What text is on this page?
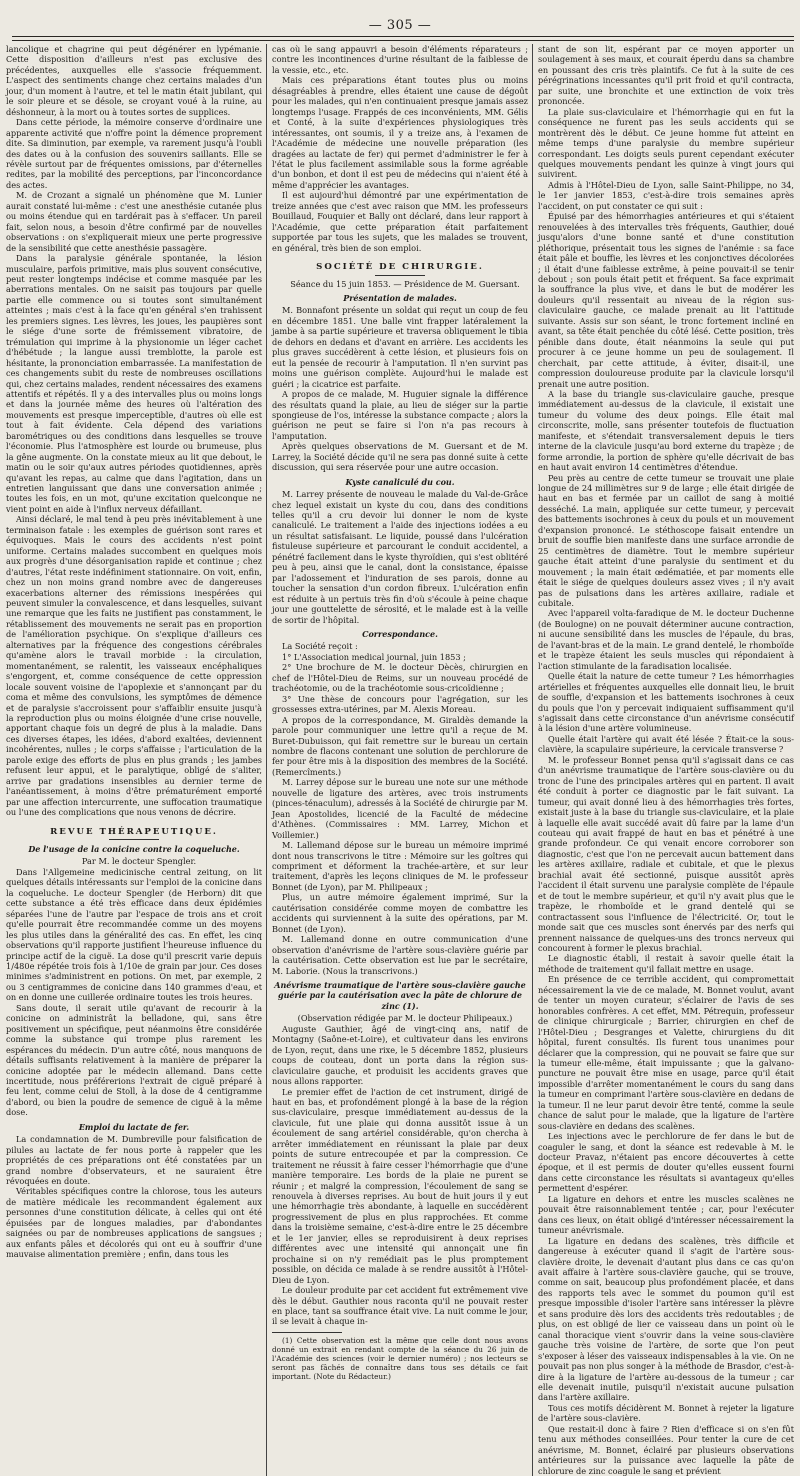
— 305 —

lancolique et chagrine qui peut dégénérer en lypémanie. Cette disposition d'ailleurs n'est pas exclusive des précédentes, auxquelles elle s'associe fréquemment. L'aspect des sentiments change chez certains malades d'un jour, d'un moment à l'autre, et tel le matin était jubilant, qui le soir pleure et se désole, se croyant voué à la ruine, au déshonneur, à la mort ou à toutes sortes de supplices.

Dans cette période, la mémoire conserve d'ordinaire une apparente activité que n'offre point la démence proprement dite. Sa diminution, par exemple, va rarement jusqu'à l'oubli des dates ou à la confusion des souvenirs saillants. Elle se révèle surtout par de fréquentes omissions, par d'éternelles redites, par la mobilité des perceptions, par l'inconcordance des actes.

M. de Crozant a signalé un phénomène que M. Lunier aurait constaté lui-même : c'est une anesthésie cutanée plus ou moins étendue qui en tardérait pas à s'effacer. Un pareil fait, selon nous, a besoin d'être confirmé par de nouvelles observations : on s'expliquerait mieux une perte progressive de la sensibilité que cette anesthésie passagère.

Dans la paralysie générale spontanée, la lésion musculaire, parfois primitive, mais plus souvent consécutive, peut rester longtemps indécise et comme masquée par les aberrations mentales. On ne saisit pas toujours par quelle partie elle commence ou si toutes sont simultanément atteintes ; mais c'est à la face qu'en général s'en trahissent les premiers signes. Les lèvres, les joues, les paupières sont le siége d'une sorte de frémissement vibratoire, de trémulation qui imprime à la physionomie un léger cachet d'hébétude ; la langue aussi tremblotte, la parole est hésitante, la prononciation embarrassée. La manifestation de ces changements subit du reste de nombreuses oscillations qui, chez certains malades, rendent nécessaires des examens attentifs et répétés. Il y a des intervalles plus ou moins longs et dans la journée même des heures où l'altération des mouvements est presque imperceptible, d'autres où elle est tout à fait évidente. Cela dépend des variations barométriques ou des conditions dans lesquelles se trouve l'économie. Plus l'atmosphère est lourde ou brumeuse, plus la gêne augmente. On la constate mieux au lit que debout, le matin ou le soir qu'aux autres périodes quotidiennes, après qu'avant les repas, au calme que dans l'agitation, dans un entretien languissant que dans une conversation animée ; toutes les fois, en un mot, qu'une excitation quelconque ne vient point en aide à l'influx nerveux défaillant.

Ainsi déclaré, le mal tend à peu près inévitablement à une terminaison fatale : les exemples de guérison sont rares et équivoques. Mais le cours des accidents n'est point uniforme. Certains malades succombent en quelques mois aux progrès d'une désorganisation rapide et continue ; chez d'autres, l'état reste indéfiniment stationnaire. On voit, enfin, chez un non moins grand nombre avec de dangereuses exacerbations alterner des rémissions inespérées qui peuvent simuler la convalescence, et dans lesquelles, suivant une remarque que les faits ne justifient pas constamment, le rétablissement des mouvements ne serait pas en proportion de l'amélioration psychique. On s'explique d'ailleurs ces alternatives par la fréquence des congestions cérébrales qu'amène alors le travail morbide : la circulation, momentanément, se ralentit, les vaisseaux encéphaliques s'engorgent, et, comme conséquence de cette oppression locale souvent voisine de l'apoplexie et s'annonçant par du coma et même des convulsions, les symptômes de démence et de paralysie s'accroissent pour s'affaiblir ensuite jusqu'à la reproduction plus ou moins éloignée d'une crise nouvelle, apportant chaque fois un degré de plus à la maladie. Dans ces diverses étapes, les idées, d'abord exaltées, deviennent incohérentes, nulles ; le corps s'affaisse ; l'articulation de la parole exige des efforts de plus en plus grands ; les jambes refusent leur appui, et le paralytique, obligé de s'aliter, arrive par gradations insensibles au dernier terme de l'anéantissement, à moins d'être prématurément emporté par une affection intercurrente, une suffocation traumatique ou l'une des complications que nous venons de décrire.

REVUE THÉRAPEUTIQUE.
De l'usage de la conicine contre la coqueluche.

Par M. le docteur Spengler.

Dans l'Allgemeine medicinische central zeitung, on lit quelques détails intéressants sur l'emploi de la conicine dans la coqueluche. Le docteur Spengler (de Herborn) dit que cette substance a été très efficace dans deux épidémies séparées l'une de l'autre par l'espace de trois ans et croit qu'elle pourrait être recommandée comme un des moyens les plus utiles dans la généralité des cas. En effet, les cinq observations qu'il rapporte justifient l'heureuse influence du principe actif de la ciguë. La dose qu'il prescrit varie depuis 1/480e répétée trois fois à 1/10e de grain par jour. Ces doses minimes s'administrent en potions. On met, par exemple, 2 ou 3 centigrammes de conicine dans 140 grammes d'eau, et on en donne une cuillerée ordinaire toutes les trois heures.

Sans doute, il serait utile qu'avant de recourir à la conicine on administrât la belladone, qui, sans être positivement un spécifique, peut néanmoins être considérée comme la substance qui trompe plus rarement les espérances du médecin. D'un autre côté, nous manquons de détails suffisants relativement à la manière de préparer la conicine adoptée par le médecin allemand. Dans cette incertitude, nous préférerions l'extrait de ciguë préparé à feu lent, comme celui de Stoll, à la dose de 4 centigramme d'abord, ou bien la poudre de semence de ciguë à la même dose.

Emploi du lactate de fer.

La condamnation de M. Dumbreville pour falsification de pilules au lactate de fer nous porte à rappeler que les propriétés de ces préparations ont été constatées par un grand nombre d'observateurs, et ne sauraient être révoquées en doute.

Véritables spécifiques contre la chlorose, tous les auteurs de matière médicale les recommandent également aux personnes d'une constitution délicate, à celles qui ont été épuisées par de longues maladies, par d'abondantes saignées ou par de nombreuses applications de sangsues ; aux enfants pâles et décolorés qui ont eu à souffrir d'une mauvaise alimentation première ; enfin, dans tous les

cas où le sang appauvri a besoin d'éléments réparateurs ; contre les incontinences d'urine résultant de la faiblesse de la vessie, etc., etc.

Mais ces préparations étant toutes plus ou moins désagréables à prendre, elles étaient une cause de dégoût pour les malades, qui n'en continuaient presque jamais assez longtemps l'usage. Frappés de ces inconvénients, MM. Gélis et Conté, à la suite d'expériences physiologiques très intéressantes, ont soumis, il y a treize ans, à l'examen de l'Académie de médecine une nouvelle préparation (les dragées au lactate de fer) qui permet d'administrer le fer à l'état le plus facilement assimilable sous la forme agréable d'un bonbon, et dont il est peu de médecins qui n'aient été à même d'apprécier les avantages.

Il est aujourd'hui démontré par une expérimentation de treize années que c'est avec raison que MM. les professeurs Bouillaud, Fouquier et Bally ont déclaré, dans leur rapport à l'Académie, que cette préparation était parfaitement supportée par tous les sujets, que les malades se trouvent, en général, très bien de son emploi.

SOCIÉTÉ DE CHIRURGIE.

Séance du 15 juin 1853. — Présidence de M. Guersant.

Présentation de malades.

M. Bonnafont présente un soldat qui reçut un coup de feu en décembre 1851. Une balle vint frapper latéralement la jambe à sa partie supérieure et traversa obliquement le tibia de dehors en dedans et d'avant en arrière. Les accidents les plus graves succédèrent à cette lésion, et plusieurs fois on eut la pensée de recourir à l'amputation. Il n'en survint pas moins une guérison complète. Aujourd'hui le malade est guéri ; la cicatrice est parfaite.

A propos de ce malade, M. Huguier signale la différence des résultats quand la plaie, au lieu de siéger sur la partie spongieuse de l'os, intéresse la substance compacte ; alors la guérison ne peut se faire si l'on n'a pas recours à l'amputation.

Après quelques observations de M. Guersant et de M. Larrey, la Société décide qu'il ne sera pas donné suite à cette discussion, qui sera réservée pour une autre occasion.

Kyste canaliculé du cou.

M. Larrey présente de nouveau le malade du Val-de-Grâce chez lequel existait un kyste du cou, dans des conditions telles qu'il a cru devoir lui donner le nom de kyste canaliculé. Le traitement a l'aide des injections iodées a eu un résultat satisfaisant. Le liquide, poussé dans l'ulcération fistuleuse supérieure et parcourant le conduit accidentel, a pénétré facilement dans le kyste thyroïdien, qui s'est oblitéré peu à peu, ainsi que le canal, dont la consistance, épaisse par l'adossement et l'induration de ses parois, donne au toucher la sensation d'un cordon fibreux. L'ulcération enfin est réduite à un pertuis très fin d'où s'écoule à peine chaque jour une gouttelette de sérosité, et le malade est à la veille de sortir de l'hôpital.

Correspondance.

La Société reçoit :

1° L'Association medical journal, juin 1853 ;

2° Une brochure de M. le docteur Dècès, chirurgien en chef de l'Hôtel-Dieu de Reims, sur un nouveau procédé de trachéotomie, ou de la trachéotomie sous-cricoïdienne ;

3° Une thèse de concours pour l'agrégation, sur les grossesses extra-utérines, par M. Alexis Moreau.

A propos de la correspondance, M. Giraldès demande la parole pour communiquer une lettre qu'il a reçue de M. Buret-Dubuisson, qui fait remettre sur le bureau un certain nombre de flacons contenant une solution de perchlorure de fer pour être mis à la disposition des membres de la Société. (Remercîments.)

M. Larrey dépose sur le bureau une note sur une méthode nouvelle de ligature des artères, avec trois instruments (pinces-ténaculum), adressés à la Société de chirurgie par M. Jean Apostolides, licencié de la Faculté de médecine d'Athènes. (Commissaires : MM. Larrey, Michon et Voillemier.)

M. Lallemand dépose sur le bureau un mémoire imprimé dont nous transcrivons le titre : Mémoire sur les goîtres qui compriment et déforment la trachée-artère, et sur leur traitement, d'après les leçons cliniques de M. le professeur Bonnet (de Lyon), par M. Philipeaux ;

Plus, un autre mémoire également imprimé, Sur la cautérisation considérée comme moyen de combattre les accidents qui surviennent à la suite des opérations, par M. Bonnet (de Lyon).

M. Lallemand donne en outre communication d'une observation d'anévrisme de l'artère sous-clavière guérie par la cautérisation. Cette observation est lue par le secrétaire, M. Laborie. (Nous la transcrivons.)

Anévrisme traumatique de l'artère sous-clavière gauche guérie par la cautérisation avec la pâte de chlorure de zinc (1).

(Observation rédigée par M. le docteur Philipeaux.)

Auguste Gauthier, âgé de vingt-cinq ans, natif de Montagny (Saône-et-Loire), et cultivateur dans les environs de Lyon, reçut, dans une rixe, le 5 décembre 1852, plusieurs coups de couteau, dont un porta dans la région sus-claviculaire gauche, et produisit les accidents graves que nous allons rapporter.

Le premier effet de l'action de cet instrument, dirigé de haut en bas, et profondément plongé à la base de la région sus-claviculaire, presque immédiatement au-dessus de la clavicule, fut une plaie qui donna aussitôt issue à un écoulement de sang artériel considérable, qu'on chercha à arrêter immédiatement en réunissant la plaie par deux points de suture entrecoupée et par la compression. Ce traitement ne réussit à faire cesser l'hémorrhagie que d'une manière temporaire. Les bords de la plaie ne purent se réunir ; et malgré la compression, l'écoulement de sang se renouvela à diverses reprises. Au bout de huit jours il y eut une hémorrhagie très abondante, à laquelle en succédèrent progressivement de plus en plus rapprochées. Et comme dans la troisième semaine, c'est-à-dire entre le 25 décembre et le 1er janvier, elles se reproduisirent à deux reprises différentes avec une intensité qui annonçait une fin prochaine si on n'y remédiait pas le plus promptement possible, on décida ce malade à se rendre aussitôt à l'Hôtel-Dieu de Lyon.

Le douleur produite par cet accident fut extrêmement vive dès le début. Gauthier nous raconta qu'il ne pouvait rester en place, tant sa souffrance était vive. La nuit comme le jour, il se levait à chaque in-

(1) Cette observation est la même que celle dont nous avons donné un extrait en rendant compte de la séance du 26 juin de l'Académie des sciences (voir le dernier numéro) ; nos lecteurs se seront pas fâchés de connaître dans tous ses détails ce fait important. (Note du Rédacteur.)

stant de son lit, espérant par ce moyen apporter un soulagement à ses maux, et courait éperdu dans sa chambre en poussant des cris très plaintifs. Ce fut à la suite de ces pérégrinations incessantes qu'il prit froid et qu'il contracta, par suite, une bronchite et une extinction de voix très prononcée.

La plaie sus-claviculaire et l'hémorrhagie qui en fut la conséquence ne furent pas les seuls accidents qui se montrèrent dès le début. Ce jeune homme fut atteint en même temps d'une paralysie du membre supérieur correspondant. Les doigts seuls purent cependant exécuter quelques mouvements pendant les quinze à vingt jours qui suivirent.

Admis à l'Hôtel-Dieu de Lyon, salle Saint-Philippe, no 34, le 1er janvier 1853, c'est-à-dire trois semaines après l'accident, on put constater ce qui suit :

Épuisé par des hémorrhagies antérieures et qui s'étaient renouvelées à des intervalles très fréquents, Gauthier, doué jusqu'alors d'une bonne santé et d'une constitution pléthorique, présentait tous les signes de l'anémie : sa face était pâle et bouffie, les lèvres et les conjonctives décolorées ; il était d'une faiblesse extrême, à peine pouvait-il se tenir debout ; son pouls était petit et fréquent. Sa face exprimait la souffrance la plus vive, et dans le but de modérer les douleurs qu'il ressentait au niveau de la région sus-claviculaire gauche, ce malade prenait au lit l'attitude suivante. Assis sur son séant, le tronc fortement incliné en avant, sa tête était penchée du côté lésé. Cette position, très pénible dans doute, était néanmoins la seule qui put procurer à ce jeune homme un peu de soulagement. Il cherchait, par cette attitude, à éviter, disait-il, une compression douloureuse produite par la clavicule lorsqu'il prenait une autre position.

A la base du triangle sus-claviculaire gauche, presque immédiatement au-dessus de la clavicule, il existait une tumeur du volume des deux poings. Elle était mal circonscrite, molle, sans présenter toutefois de fluctuation manifeste, et s'étendait transversalement depuis le tiers interne de la clavicule jusqu'au bord externe du trapèze ; de forme arrondie, la portion de sphère qu'elle décrivait de bas en haut avait environ 14 centimètres d'étendue.

Peu près au centre de cette tumeur se trouvait une plaie longue de 24 millimètres sur 9 de large ; elle était dirigée de haut en bas et fermée par un caillot de sang à moitié desséché. La main, appliquée sur cette tumeur, y percevait des battements isochrones à ceux du pouls et un mouvement d'expansion prononcé. Le stéthoscope faisait entendre un bruit de souffle bien manifeste dans une surface arrondie de 25 centimètres de diamètre. Tout le membre supérieur gauche était atteint d'une paralysie du sentiment et du mouvement ; la main était œdématiée, et par moments elle était le siége de quelques douleurs assez vives ; il n'y avait pas de pulsations dans les artères axillaire, radiale et cubitale.

Avec l'appareil volta-faradique de M. le docteur Duchenne (de Boulogne) on ne pouvait déterminer aucune contraction, ni aucune sensibilité dans les muscles de l'épaule, du bras, de l'avant-bras et de la main. Le grand dentelé, le rhomboïde et le trapèze étaient les seuls muscles qui répondaient à l'action stimulante de la faradisation localisée.

Quelle était la nature de cette tumeur ? Les hémorrhagies artérielles et fréquentes auxquelles elle donnait lieu, le bruit de souffle, d'expansion et les battements isochrones à ceux du pouls que l'on y percevait indiquaient suffisamment qu'il s'agissait dans cette circonstance d'un anévrisme consécutif à la lésion d'une artère volumineuse.

Quelle était l'artère qui avait été lésée ? Était-ce la sous-clavière, la scapulaire supérieure, la cervicale transverse ?

M. le professeur Bonnet pensa qu'il s'agissait dans ce cas d'un anévrisme traumatique de l'artère sous-clavière ou du tronc de l'une des principales artères qui en partent. Il avait été conduit à porter ce diagnostic par le fait suivant. La tumeur, qui avait donné lieu à des hémorrhagies très fortes, existait juste à la base du triangle sus-claviculaire, et la plaie à laquelle elle avait succédé avait dû faire par la lame d'un couteau qui avait frappé de haut en bas et pénétré à une grande profondeur. Ce qui venait encore corroborer son diagnostic, c'est que l'on ne percevait aucun battement dans les artères axillaire, radiale et cubitale, et que le plexus brachial avait été sectionné, puisque aussitôt après l'accident il était survenu une paralysie complète de l'épaule et de tout le membre supérieur, et qu'il n'y avait plus que le trapèze, le rhomboïde et le grand dentelé qui se contractassent sous l'influence de l'électricité. Or, tout le monde sait que ces muscles sont énervés par des nerfs qui prennent naissance de quelques-uns des troncs nerveux qui concourent à former le plexus brachial.

Le diagnostic établi, il restait à savoir quelle était la méthode de traitement qu'il fallait mettre en usage.

En présence de ce terrible accident, qui compromettait nécessairement la vie de ce malade, M. Bonnet voulut, avant de tenter un moyen curateur, s'éclairer de l'avis de ses honorables confrères. A cet effet, MM. Pétrequin, professeur de clinique chirurgicale ; Barrier, chirurgien en chef de l'Hôtel-Dieu ; Desgranges et Valette, chirurgiens du dit hôpital, furent consultés. Ils furent tous unanimes pour déclarer que la compression, qui ne pouvait se faire que sur la tumeur elle-même, était impuissante ; que la galvano-puncture ne pouvait être mise en usage, parce qu'il était impossible d'arrêter momentanément le cours du sang dans la tumeur en comprimant l'artère sous-clavière en dedans de la tumeur. Il ne leur parut devoir être tenté, comme la seule chance de salut pour le malade, que la ligature de l'artère sous-clavière en dedans des scalènes.

Les injections avec le perchlorure de fer dans le but de coaguler le sang, et dont la séance est redevable à M. le docteur Pravaz, n'étaient pas encore découvertes à cette époque, et il est permis de douter qu'elles eussent fourni dans cette circonstance les résultats si avantageux qu'elles permettent d'espérer.

La ligature en dehors et entre les muscles scalènes ne pouvait être raisonnablement tentée ; car, pour l'exécuter dans ces lieux, on était obligé d'intéresser nécessairement la tumeur anévrismale.

La ligature en dedans des scalènes, très difficile et dangereuse à exécuter quand il s'agit de l'artère sous-clavière droite, le devenait d'autant plus dans ce cas qu'on avait affaire à l'artère sous-clavière gauche, qui se trouve, comme on sait, beaucoup plus profondément placée, et dans des rapports tels avec le sommet du poumon qu'il est presque impossible d'isoler l'artère sans intéresser la plèvre et sans produire dès lors des accidents très redoutables ; de plus, on est obligé de lier ce vaisseau dans un point où le canal thoracique vient s'ouvrir dans la veine sous-clavière gauche très voisine de l'artère, de sorte que l'on peut s'exposer à léser des vaisseaux indispensables à la vie. On ne pouvait pas non plus songer à la méthode de Brasdor, c'est-à-dire à la ligature de l'artère au-dessous de la tumeur ; car elle devenait inutile, puisqu'il n'existait aucune pulsation dans l'artère axillaire.

Tous ces motifs décidèrent M. Bonnet à rejeter la ligature de l'artère sous-clavière.

Que restait-il donc à faire ? Rien d'efficace si on s'en fût tenu aux méthodes conseillées. Pour tenter la cure de cet anévrisme, M. Bonnet, éclairé par plusieurs observations antérieures sur la puissance avec laquelle la pâte de chlorure de zinc coagule le sang et prévient
